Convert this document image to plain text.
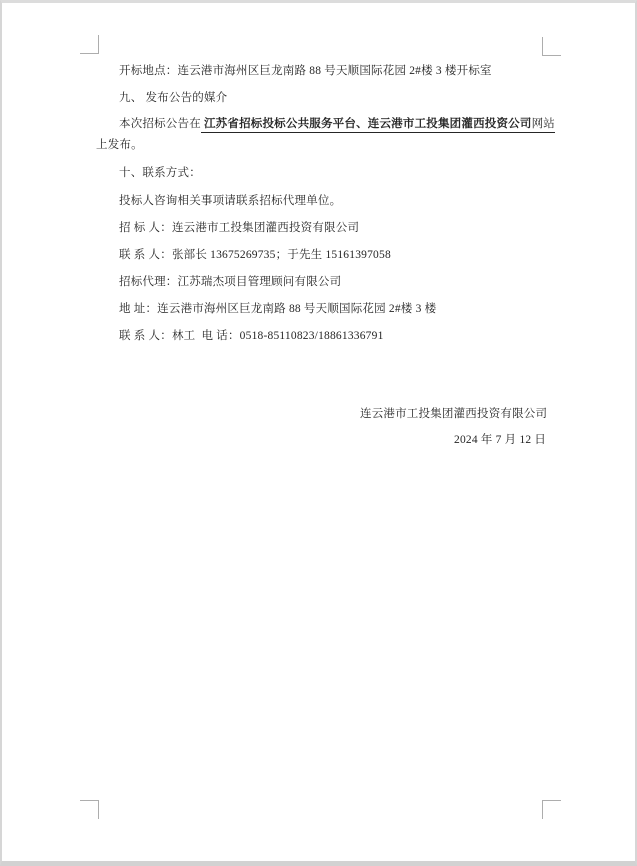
开标地点：连云港市海州区巨龙南路 88 号天顺国际花园 2#楼 3 楼开标室
九、 发布公告的媒介
本次招标公告在 江苏省招标投标公共服务平台、连云港市工投集团灌西投资公司网站
上发布。
十、联系方式：
投标人咨询相关事项请联系招标代理单位。
招 标 人：连云港市工投集团灌西投资有限公司
联 系 人：张部长 13675269735；于先生 15161397058
招标代理：江苏瑞杰项目管理顾问有限公司
地 址：连云港市海州区巨龙南路 88 号天顺国际花园 2#楼 3 楼
联 系 人：林工  电 话：0518-85110823/18861336791
连云港市工投集团灌西投资有限公司
2024 年 7 月 12 日
